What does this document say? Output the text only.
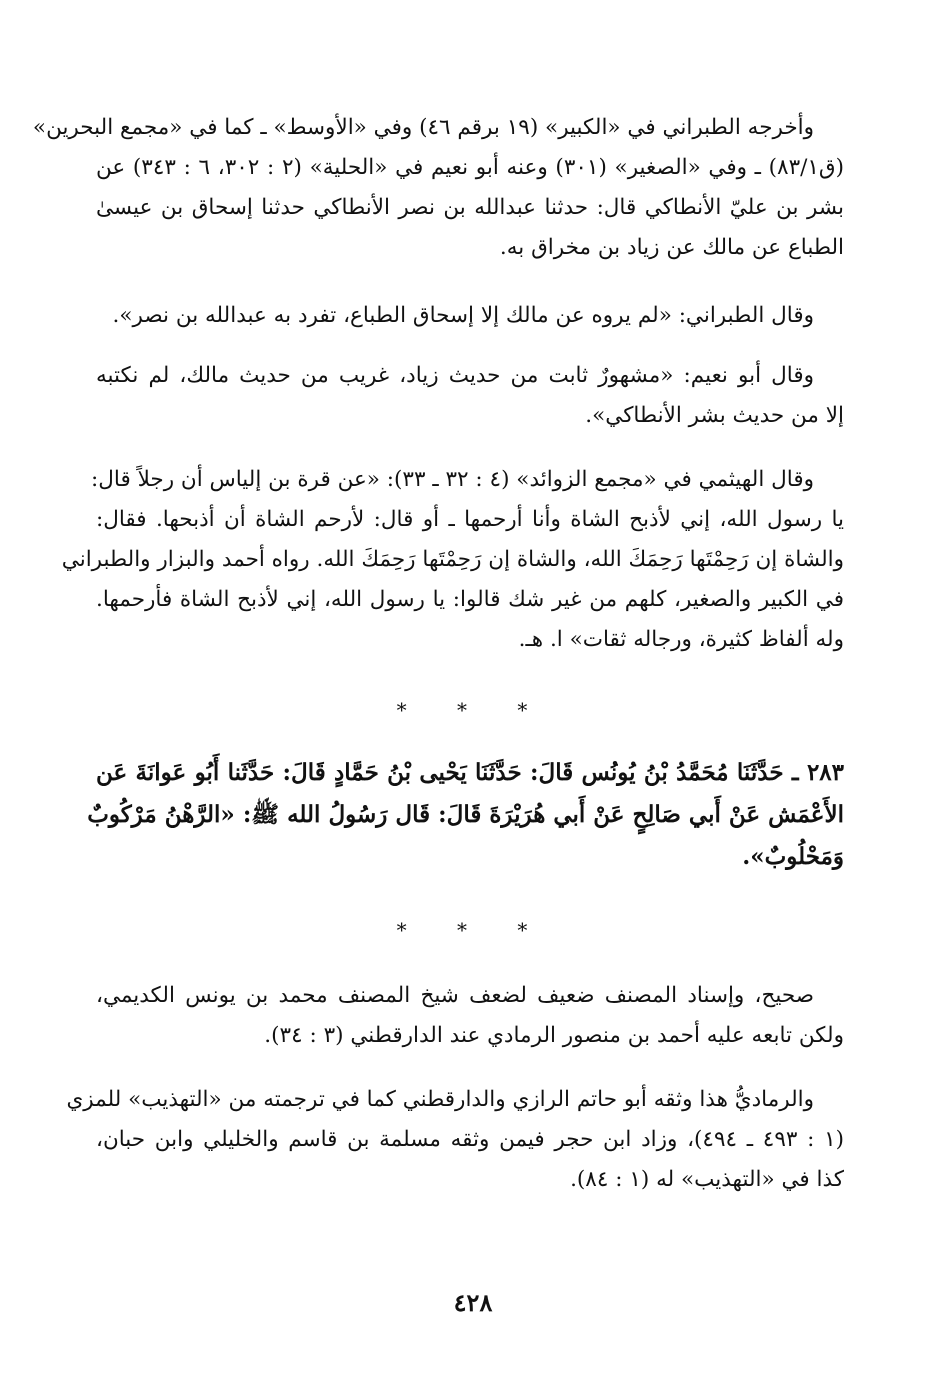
وأخرجه الطبراني في «الكبير» (١٩ برقم ٤٦) وفي «الأوسط» ـ كما في «مجمع البحرين»
(ق٨٣/١) ـ وفي «الصغير» (٣٠١) وعنه أبو نعيم في «الحلية» (٢ : ٣٠٢، ٦ : ٣٤٣) عن
بشر بن عليّ الأنطاكي قال: حدثنا عبدالله بن نصر الأنطاكي حدثنا إسحاق بن عيسىٰ
الطباع عن مالك عن زياد بن مخراق به.
وقال الطبراني: «لم يروه عن مالك إلا إسحاق الطباع، تفرد به عبدالله بن نصر».
وقال أبو نعيم: «مشهورٌ ثابت من حديث زياد، غريب من حديث مالك، لم نكتبه
إلا من حديث بشر الأنطاكي».
وقال الهيثمي في «مجمع الزوائد» (٤ : ٣٢ ـ ٣٣): «عن قرة بن إلياس أن رجلاً قال:
يا رسول الله، إني لأذبح الشاة وأنا أرحمها ـ أو قال: لأرحم الشاة أن أذبحها. فقال:
والشاة إن رَحِمْتَها رَحِمَكَ الله، والشاة إن رَحِمْتَها رَحِمَكَ الله. رواه أحمد والبزار والطبراني
في الكبير والصغير، كلهم من غير شك قالوا: يا رسول الله، إني لأذبح الشاة فأرحمها.
وله ألفاظ كثيرة، ورجاله ثقات» ا. هـ.
* * *
٢٨٣ ـ حَدَّثَنَا مُحَمَّدُ بْنُ يُونُس قَالَ: حَدَّثَنَا يَحْيى بْنُ حَمَّادٍ قَالَ: حَدَّثَنا أَبُو عَوانَةَ عَن
الأَعْمَش عَنْ أَبي صَالِحٍ عَنْ أَبي هُرَيْرَةَ قَالَ: قَال رَسُولُ الله ﷺ: «الرَّهْنُ مَرْكُوبٌ
وَمَحْلُوبٌ».
* * *
صحيح، وإسناد المصنف ضعيف لضعف شيخ المصنف محمد بن يونس الكديمي،
ولكن تابعه عليه أحمد بن منصور الرمادي عند الدارقطني (٣ : ٣٤).
والرماديُّ هذا وثقه أبو حاتم الرازي والدارقطني كما في ترجمته من «التهذيب» للمزي
(١ : ٤٩٣ ـ ٤٩٤)، وزاد ابن حجر فيمن وثقه مسلمة بن قاسم والخليلي وابن حبان،
كذا في «التهذيب» له (١ : ٨٤).
٤٢٨
